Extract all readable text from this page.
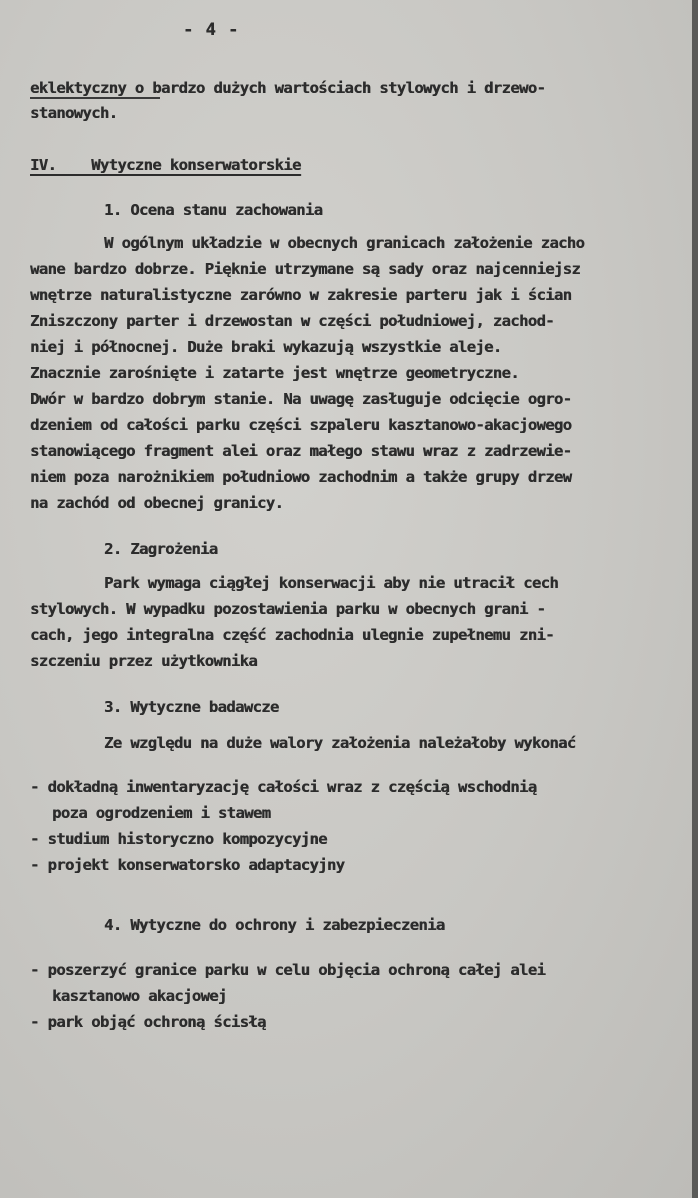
- 4 -
eklektyczny o bardzo dużych wartościach stylowych i drzewo-
stanowych.
IV.    Wytyczne konserwatorskie
1. Ocena stanu zachowania
W ogólnym układzie w obecnych granicach założenie zacho
wane bardzo dobrze. Pięknie utrzymane są sady oraz najcenniejsz
wnętrze naturalistyczne zarówno w zakresie parteru jak i ścian
Zniszczony parter i drzewostan w części południowej, zachod-
niej i północnej. Duże braki wykazują wszystkie aleje.
Znacznie zarośnięte i zatarte jest wnętrze geometryczne.
Dwór w bardzo dobrym stanie. Na uwagę zasługuje odcięcie ogro-
dzeniem od całości parku części szpaleru kasztanowo-akacjowego
stanowiącego fragment alei oraz małego stawu wraz z zadrzewie-
niem poza narożnikiem południowo zachodnim a także grupy drzew
na zachód od obecnej granicy.
2. Zagrożenia
Park wymaga ciągłej konserwacji aby nie utracił cech
stylowych. W wypadku pozostawienia parku w obecnych grani -
cach, jego integralna część zachodnia ulegnie zupełnemu zni-
szczeniu przez użytkownika
3. Wytyczne badawcze
Ze względu na duże walory założenia należałoby wykonać
- dokładną inwentaryzację całości wraz z częścią wschodnią
poza ogrodzeniem i stawem
- studium historyczno kompozycyjne
- projekt konserwatorsko adaptacyjny
4. Wytyczne do ochrony i zabezpieczenia
- poszerzyć granice parku w celu objęcia ochroną całej alei
kasztanowo akacjowej
- park objąć ochroną ścisłą
